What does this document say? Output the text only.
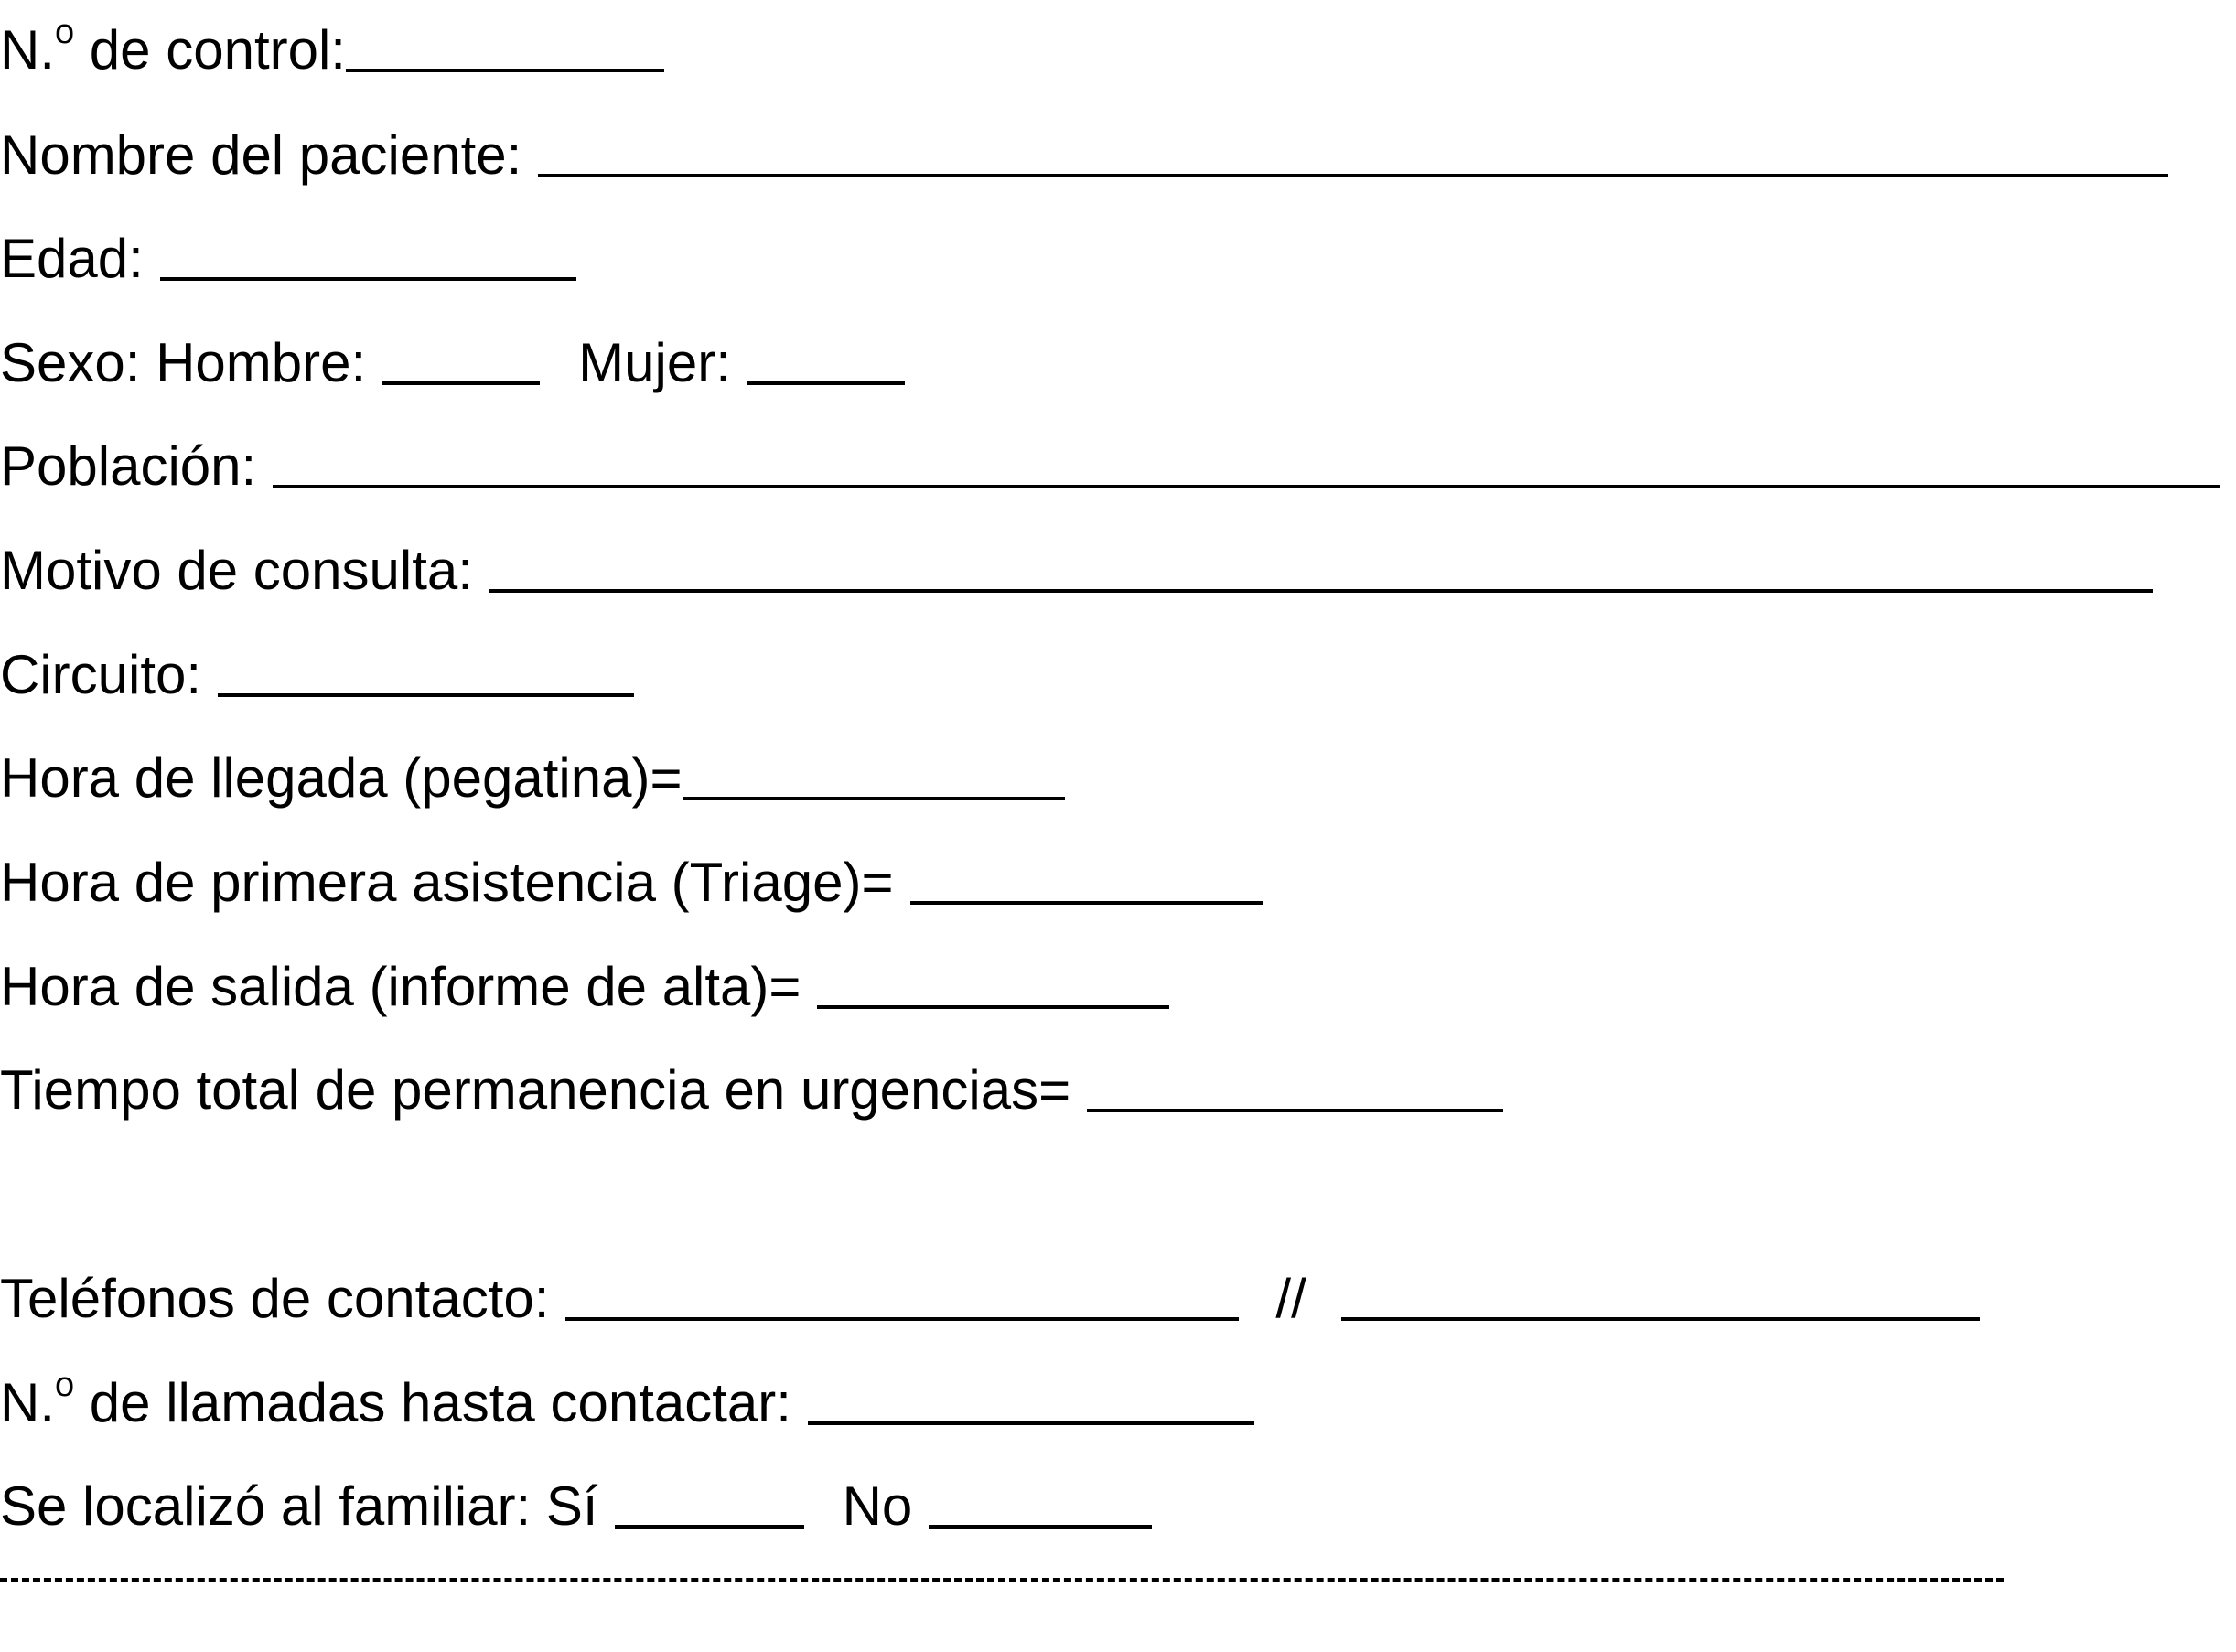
N.$^o$ de control:
Nombre del paciente:
Edad:
Sexo: Hombre:	Mujer:
Población:
Motivo de consulta:
Circuito:
Hora de llegada (pegatina)=
Hora de primera asistencia (Triage)=
Hora de salida (informe de alta)=
Tiempo total de permanencia en urgencias=
Teléfonos de contacto:	//
N.$^o$ de llamadas hasta contactar:
Se localizó al familiar: Sí	No
